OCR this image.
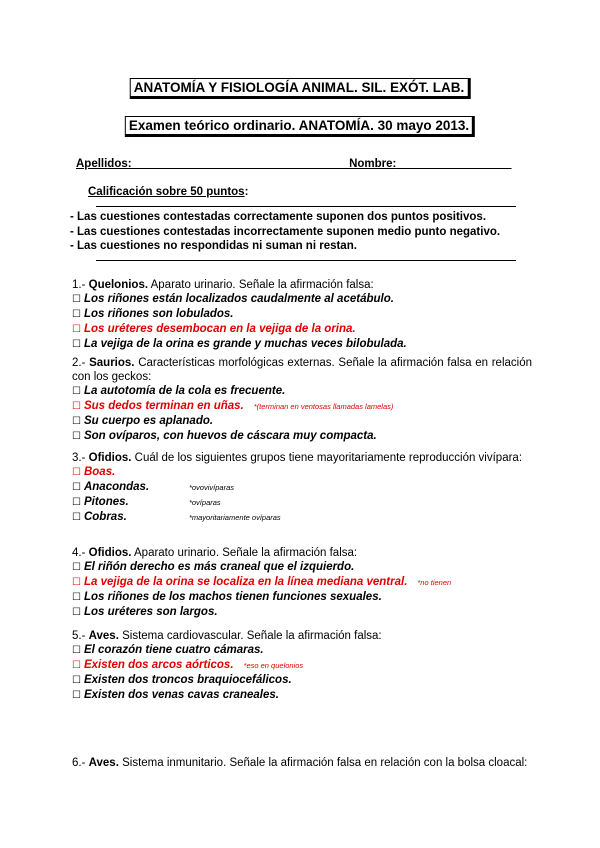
ANATOMÍA Y FISIOLOGÍA ANIMAL. SIL. EXÓT. LAB.
Examen teórico ordinario. ANATOMÍA. 30 mayo 2013.
Apellidos:__________________________________Nombre:__________________
Calificación sobre 50 puntos:
- Las cuestiones contestadas correctamente suponen dos puntos positivos.
- Las cuestiones contestadas incorrectamente suponen medio punto negativo.
- Las cuestiones no respondidas ni suman ni restan.
1.- Quelonios. Aparato urinario. Señale la afirmación falsa:
☐ Los riñones están localizados caudalmente al acetábulo.
☐ Los riñones son lobulados.
☐ Los uréteres desembocan en la vejiga de la orina.
☐ La vejiga de la orina es grande y muchas veces bilobulada.
2.- Saurios. Características morfológicas externas. Señale la afirmación falsa en relación con los geckos:
☐ La autotomía de la cola es frecuente.
☐ Sus dedos terminan en uñas. *(terminan en ventosas llamadas lamelas)
☐ Su cuerpo es aplanado.
☐ Son ovíparos, con huevos de cáscara muy compacta.
3.- Ofidios. Cuál de los siguientes grupos tiene mayoritariamente reproducción vivípara:
☐ Boas.
☐ Anacondas.	*ovovivíparas
☐ Pitones.	*ovíparas
☐ Cobras.	*mayoritariamente ovíparas
4.- Ofidios. Aparato urinario. Señale la afirmación falsa:
☐ El riñón derecho es más craneal que el izquierdo.
☐ La vejiga de la orina se localiza en la línea mediana ventral. *no tienen
☐ Los riñones de los machos tienen funciones sexuales.
☐ Los uréteres son largos.
5.- Aves. Sistema cardiovascular. Señale la afirmación falsa:
☐ El corazón tiene cuatro cámaras.
☐ Existen dos arcos aórticos. *eso en quelonios
☐ Existen dos troncos braquiocefálicos.
☐ Existen dos venas cavas craneales.
6.- Aves. Sistema inmunitario. Señale la afirmación falsa en relación con la bolsa cloacal:
